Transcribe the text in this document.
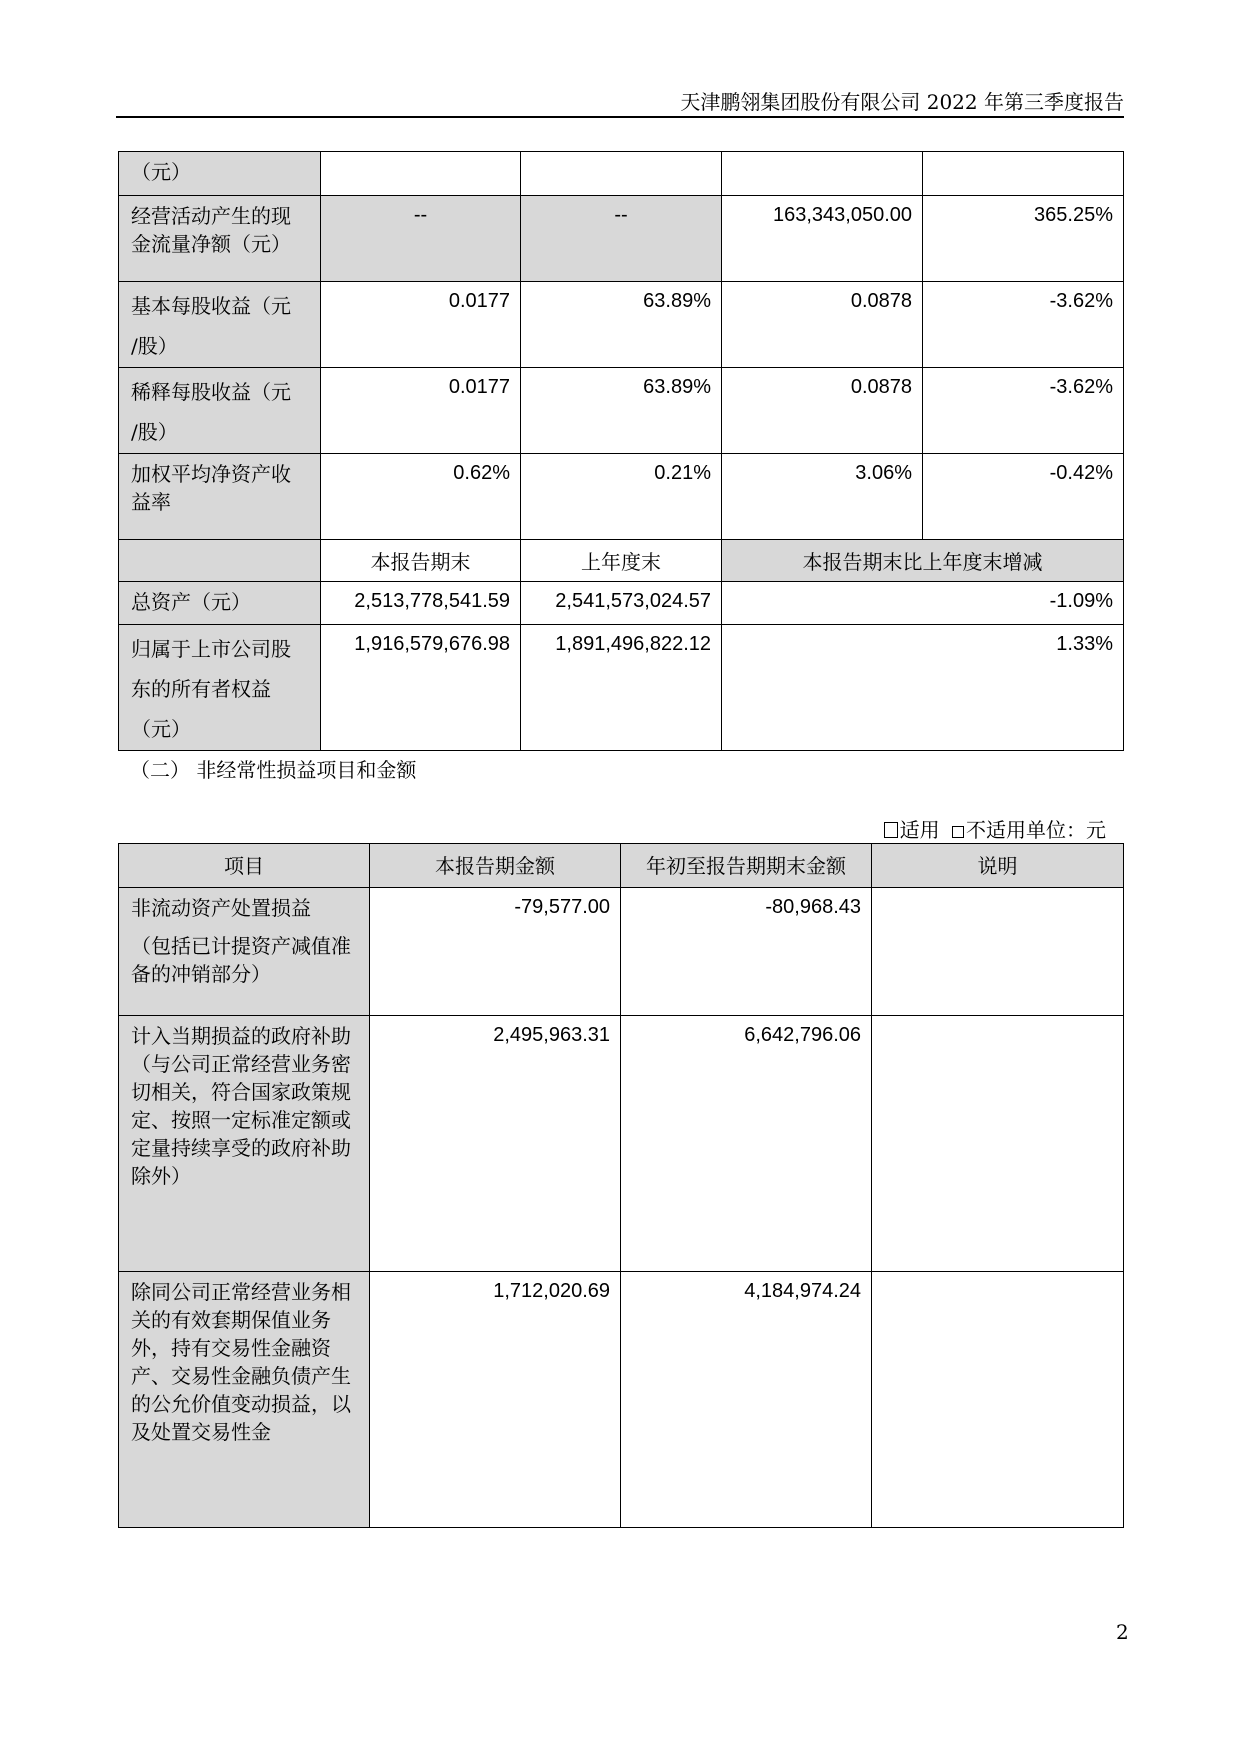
天津鹏翎集团股份有限公司 2022 年第三季度报告
（元）				
经营活动产生的现金流量净额（元）	--	--	163,343,050.00	365.25%

基本每股收益（元
/股）	0.0177	63.89%	0.0878	-3.62%

稀释每股收益（元
/股）	0.0177	63.89%	0.0878	-3.62%
加权平均净资产收益率	0.62%	0.21%	3.06%	-0.42%
	本报告期末	上年度末	本报告期末比上年度末增减	
总资产（元）	2,513,778,541.59	2,541,573,024.57	-1.09%	

归属于上市公司股
东的所有者权益
（元）	1,916,579,676.98	1,891,496,822.12	1.33%	
（二） 非经常性损益项目和金额
适用 不适用单位：元
项目	本报告期金额	年初至报告期期末金额	说明

非流动资产处置损益
（包括已计提资产减值准备的冲销部分）	-79,577.00	-80,968.43	
计入当期损益的政府补助（与公司正常经营业务密切相关，符合国家政策规定、按照一定标准定额或定量持续享受的政府补助除外）	2,495,963.31	6,642,796.06	
除同公司正常经营业务相关的有效套期保值业务外，持有交易性金融资产、交易性金融负债产生的公允价值变动损益，以及处置交易性金	1,712,020.69	4,184,974.24	
2
